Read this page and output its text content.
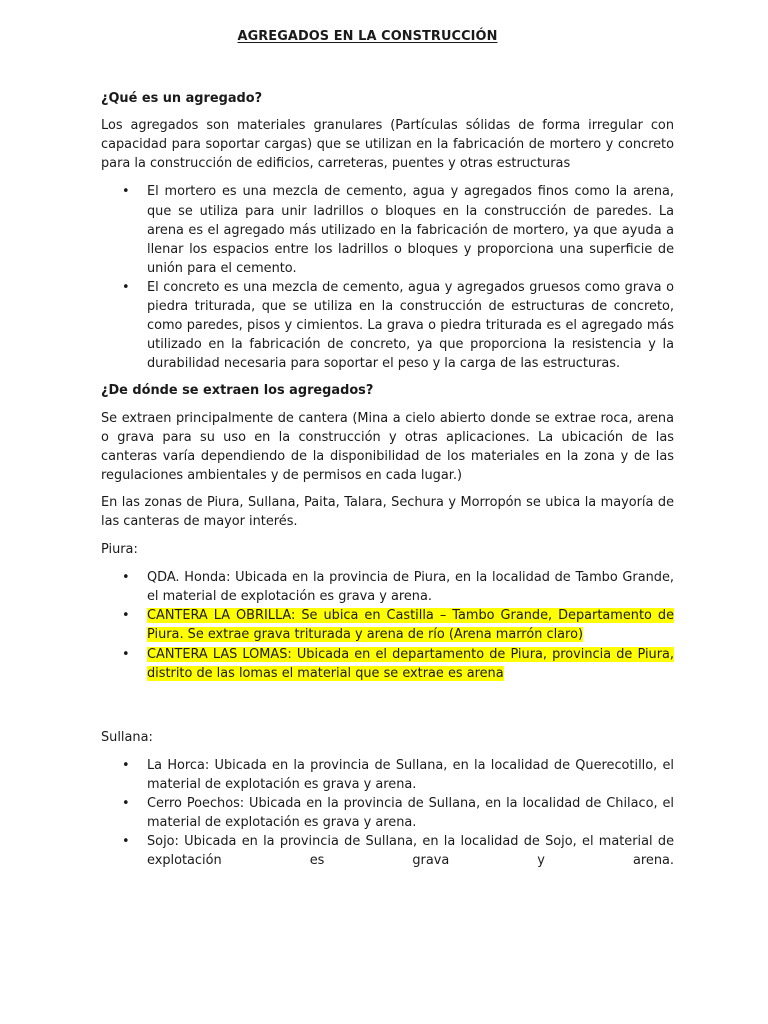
AGREGADOS EN LA CONSTRUCCIÓN
¿Qué es un agregado?
Los agregados son materiales granulares (Partículas sólidas de forma irregular con capacidad para soportar cargas) que se utilizan en la fabricación de mortero y concreto para la construcción de edificios, carreteras, puentes y otras estructuras
• El mortero es una mezcla de cemento, agua y agregados finos como la arena, que se utiliza para unir ladrillos o bloques en la construcción de paredes. La arena es el agregado más utilizado en la fabricación de mortero, ya que ayuda a llenar los espacios entre los ladrillos o bloques y proporciona una superficie de unión para el cemento.
• El concreto es una mezcla de cemento, agua y agregados gruesos como grava o piedra triturada, que se utiliza en la construcción de estructuras de concreto, como paredes, pisos y cimientos. La grava o piedra triturada es el agregado más utilizado en la fabricación de concreto, ya que proporciona la resistencia y la durabilidad necesaria para soportar el peso y la carga de las estructuras.
¿De dónde se extraen los agregados?
Se extraen principalmente de cantera (Mina a cielo abierto donde se extrae roca, arena o grava para su uso en la construcción y otras aplicaciones. La ubicación de las canteras varía dependiendo de la disponibilidad de los materiales en la zona y de las regulaciones ambientales y de permisos en cada lugar.)
En las zonas de Piura, Sullana, Paita, Talara, Sechura y Morropón se ubica la mayoría de las canteras de mayor interés.
Piura:
• QDA. Honda: Ubicada en la provincia de Piura, en la localidad de Tambo Grande, el material de explotación es grava y arena.
• CANTERA LA OBRILLA: Se ubica en Castilla – Tambo Grande, Departamento de Piura. Se extrae grava triturada y arena de río (Arena marrón claro)
• CANTERA LAS LOMAS: Ubicada en el departamento de Piura, provincia de Piura, distrito de las lomas el material que se extrae es arena
Sullana:
• La Horca: Ubicada en la provincia de Sullana, en la localidad de Querecotillo, el material de explotación es grava y arena.
• Cerro Poechos: Ubicada en la provincia de Sullana, en la localidad de Chilaco, el material de explotación es grava y arena.
• Sojo: Ubicada en la provincia de Sullana, en la localidad de Sojo, el material de explotación es grava y arena.
